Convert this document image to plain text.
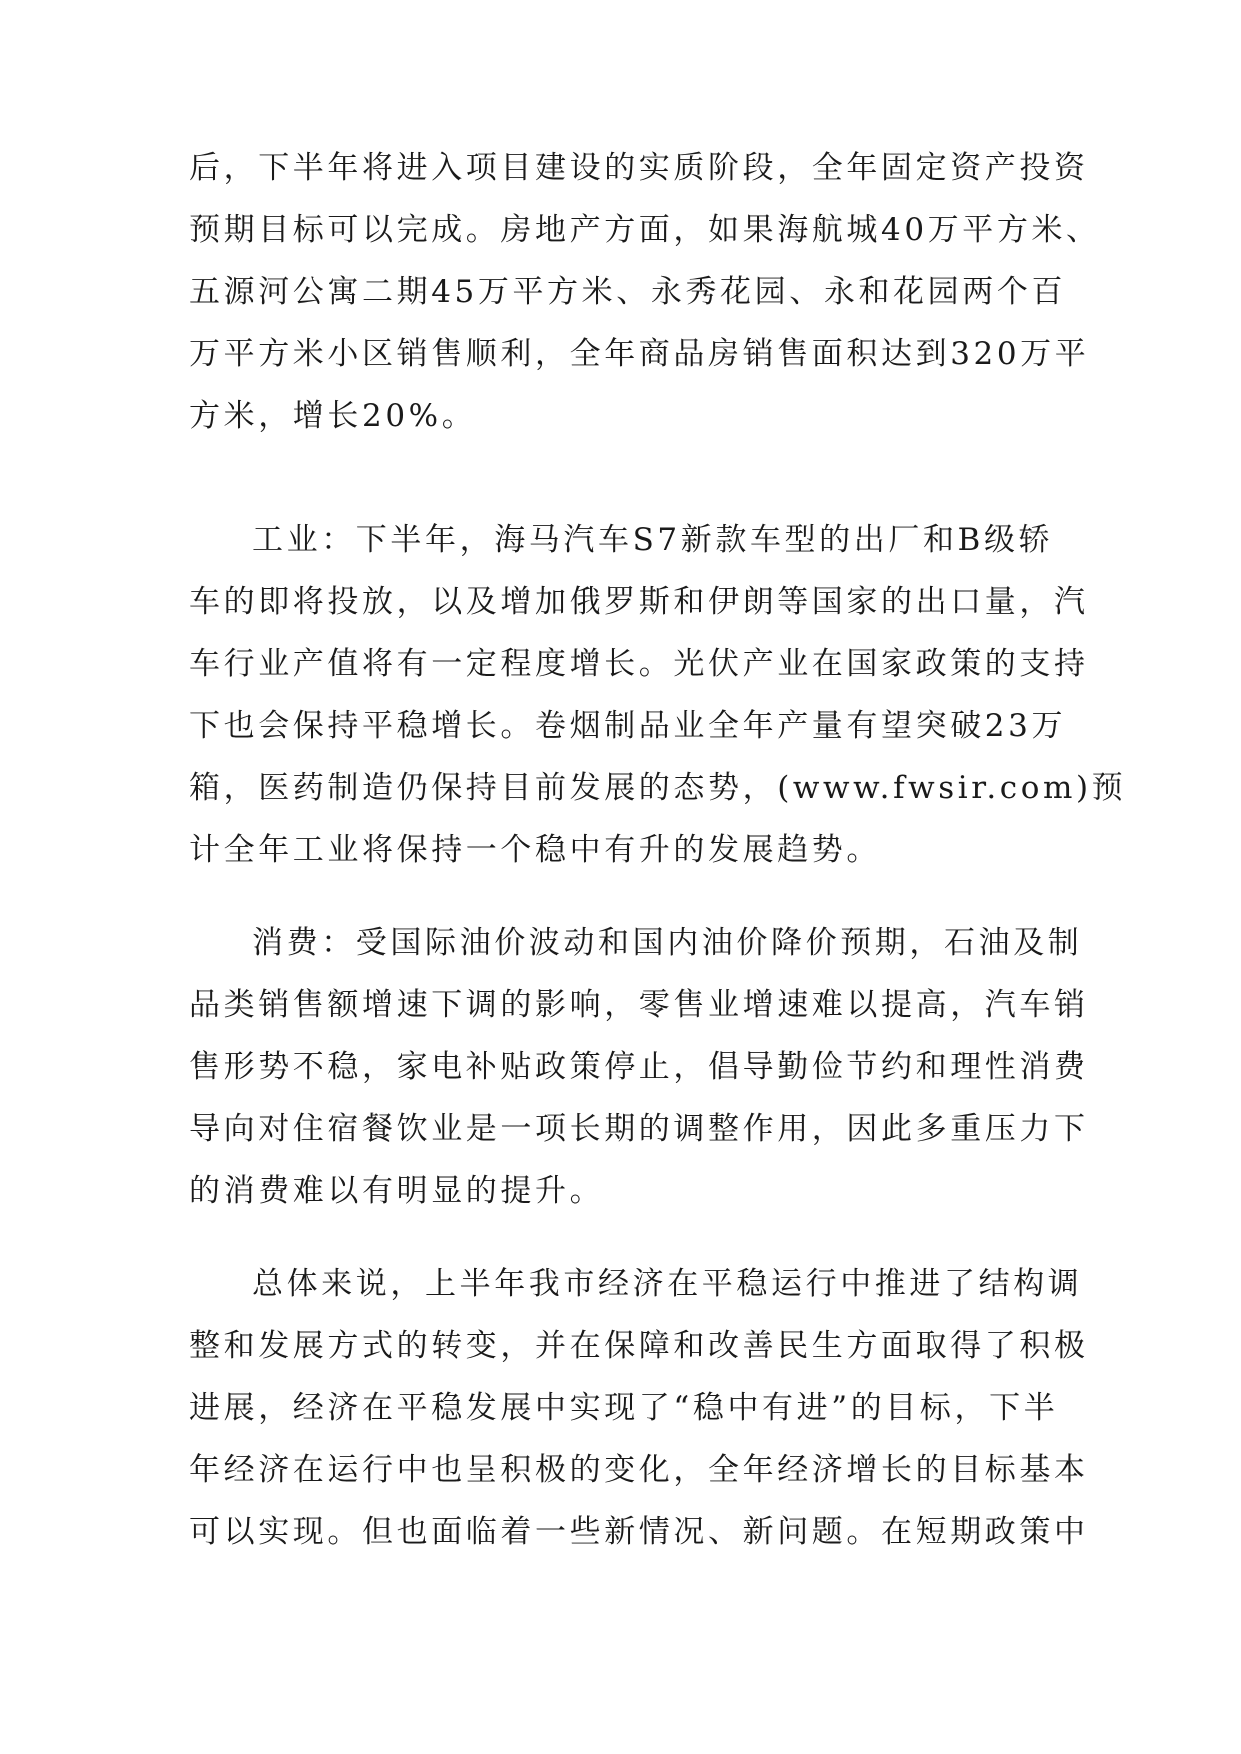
后，下半年将进入项目建设的实质阶段，全年固定资产投资
预期目标可以完成。房地产方面，如果海航城40万平方米、
五源河公寓二期45万平方米、永秀花园、永和花园两个百
万平方米小区销售顺利，全年商品房销售面积达到320万平
方米，增长20%。
工业：下半年，海马汽车S7新款车型的出厂和B级轿
车的即将投放，以及增加俄罗斯和伊朗等国家的出口量，汽
车行业产值将有一定程度增长。光伏产业在国家政策的支持
下也会保持平稳增长。卷烟制品业全年产量有望突破23万
箱，医药制造仍保持目前发展的态势，(www.fwsir.com)预
计全年工业将保持一个稳中有升的发展趋势。
消费：受国际油价波动和国内油价降价预期，石油及制
品类销售额增速下调的影响，零售业增速难以提高，汽车销
售形势不稳，家电补贴政策停止，倡导勤俭节约和理性消费
导向对住宿餐饮业是一项长期的调整作用，因此多重压力下
的消费难以有明显的提升。
总体来说，上半年我市经济在平稳运行中推进了结构调
整和发展方式的转变，并在保障和改善民生方面取得了积极
进展，经济在平稳发展中实现了“稳中有进”的目标，下半
年经济在运行中也呈积极的变化，全年经济增长的目标基本
可以实现。但也面临着一些新情况、新问题。在短期政策中
